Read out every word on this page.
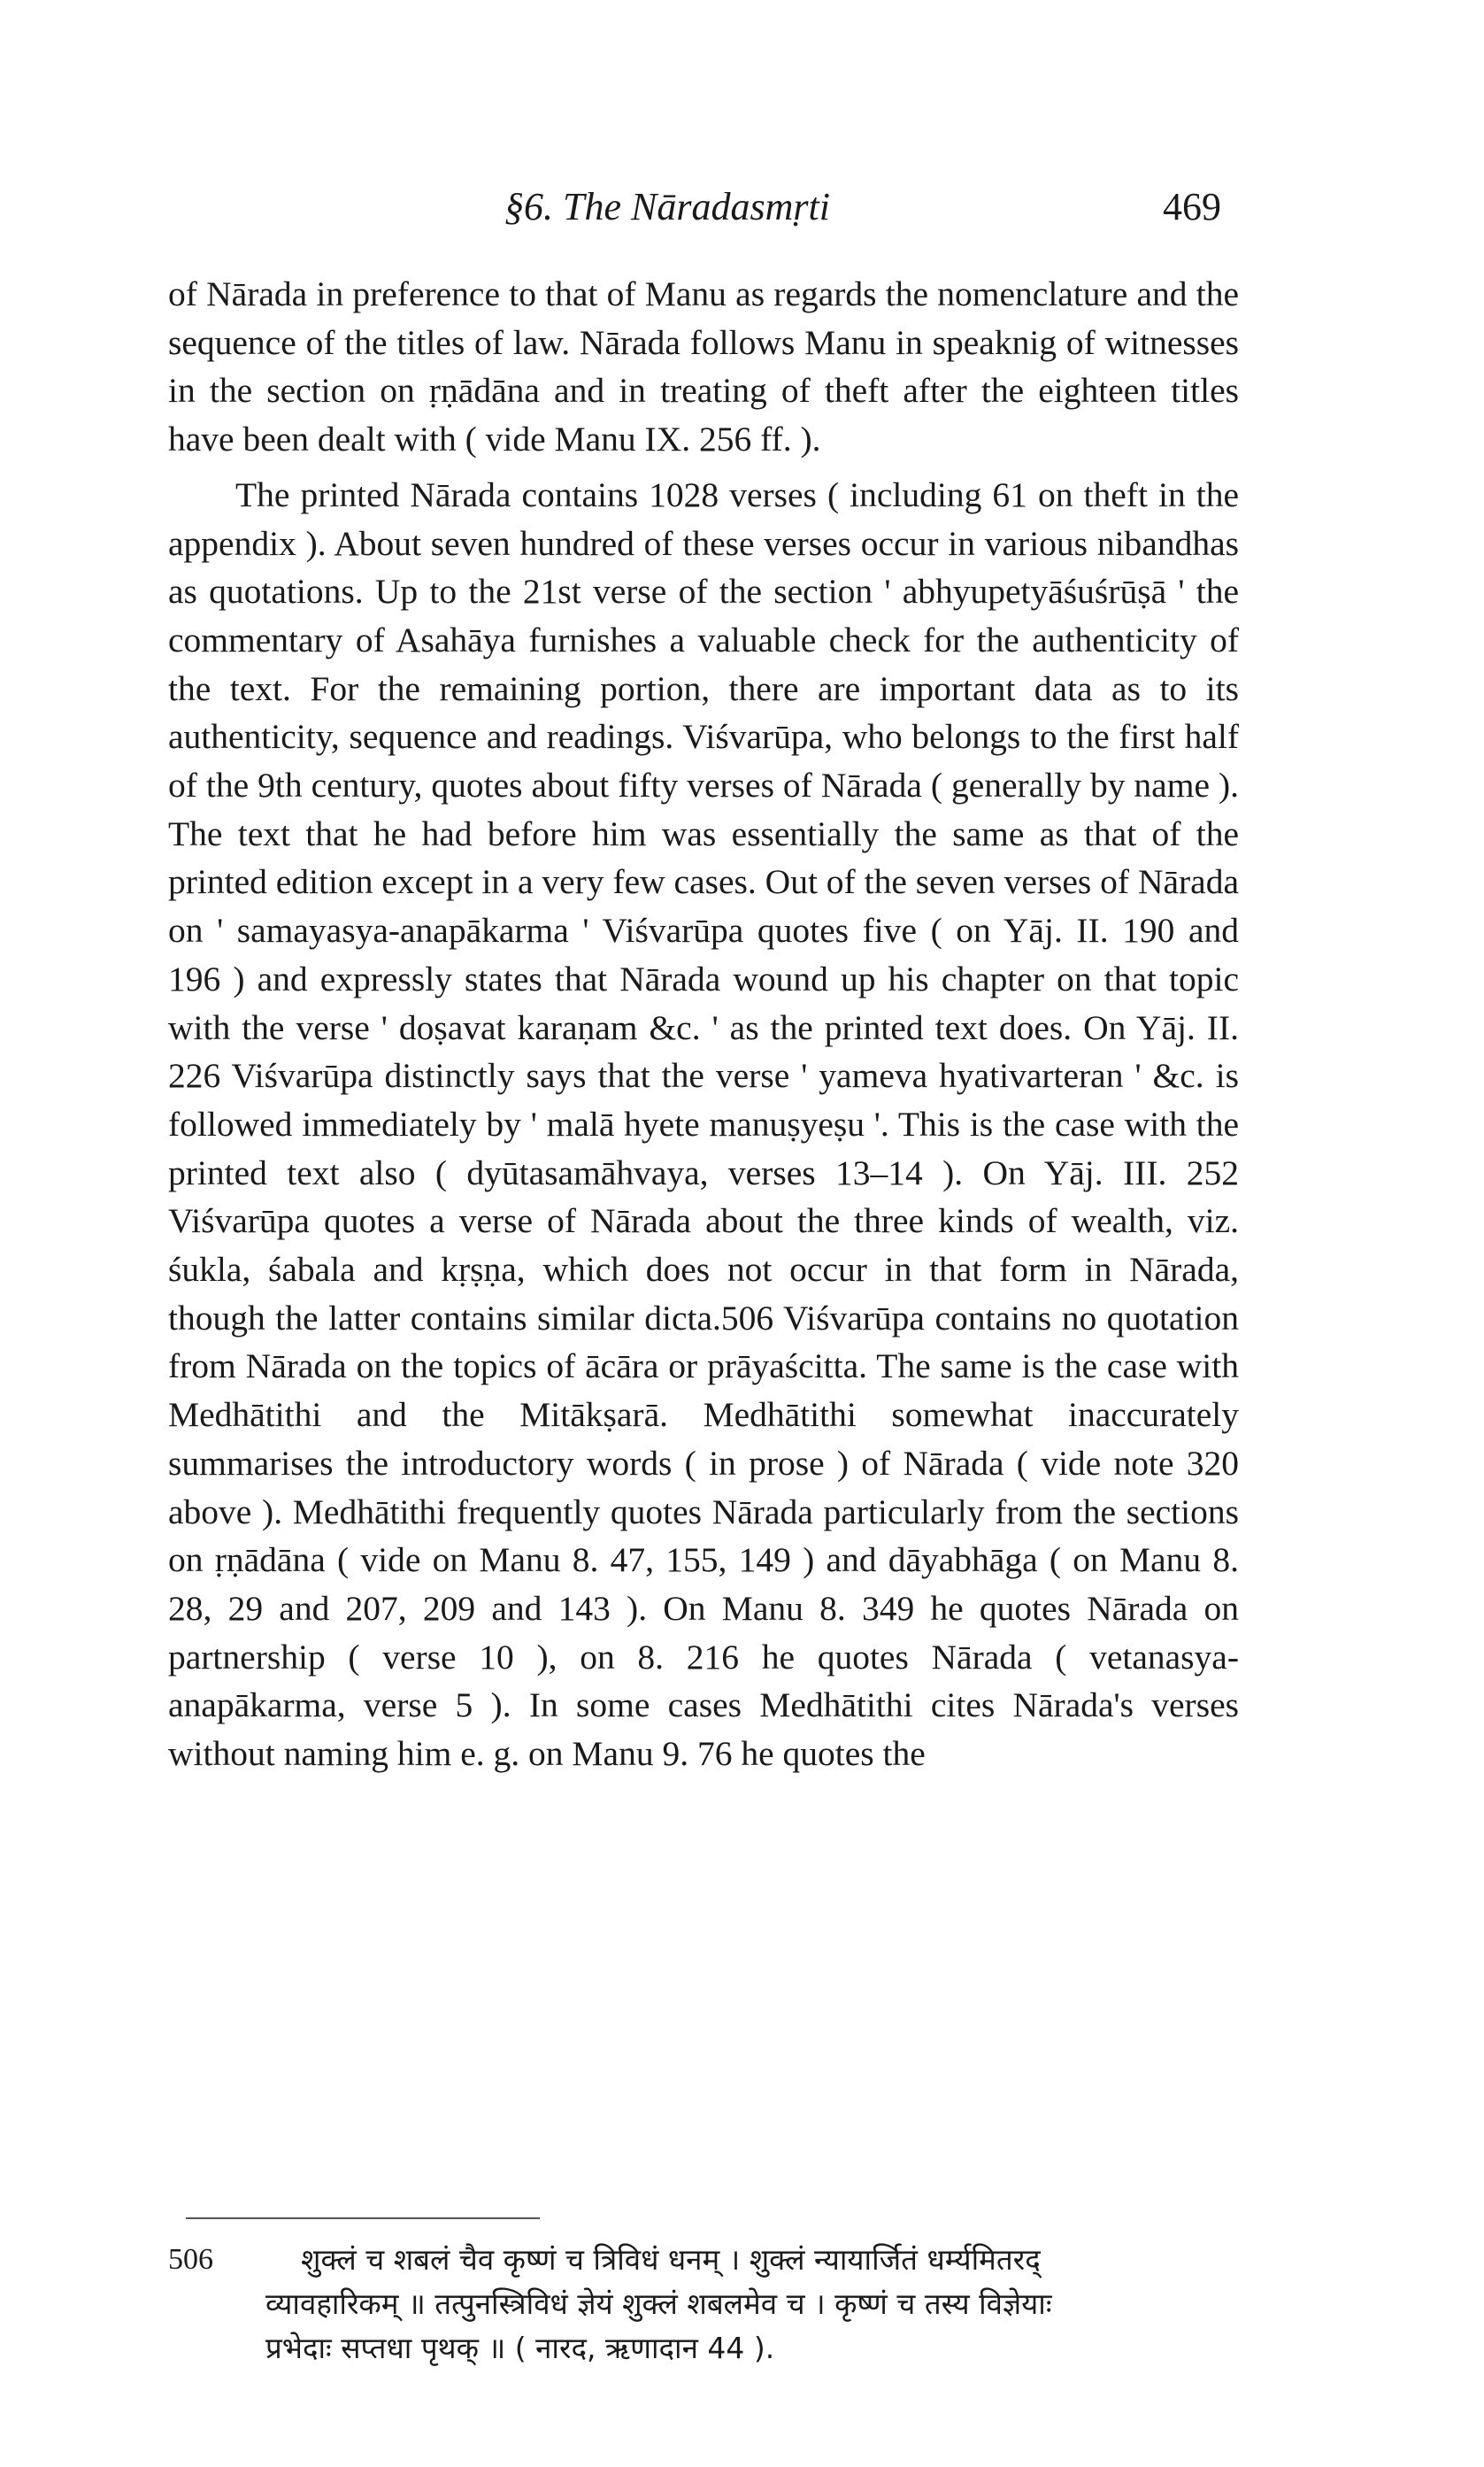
§6. The Nāradasmṛti	469

of Nārada in preference to that of Manu as regards the nomenclature and the sequence of the titles of law. Nārada follows Manu in speaknig of witnesses in the section on ṛṇādāna and in treating of theft after the eighteen titles have been dealt with ( vide Manu IX. 256 ff. ).

The printed Nārada contains 1028 verses ( including 61 on theft in the appendix ). About seven hundred of these verses occur in various nibandhas as quotations. Up to the 21st verse of the section ' abhyupetyāśuśrūṣā ' the commentary of Asahāya furnishes a valuable check for the authenticity of the text. For the remaining portion, there are important data as to its authenticity, sequence and readings. Viśvarūpa, who belongs to the first half of the 9th century, quotes about fifty verses of Nārada ( generally by name ). The text that he had before him was essentially the same as that of the printed edition except in a very few cases. Out of the seven verses of Nārada on ' samayasya-anapākarma ' Viśvarūpa quotes five ( on Yāj. II. 190 and 196 ) and expressly states that Nārada wound up his chapter on that topic with the verse ' doṣavat karaṇam &c. ' as the printed text does. On Yāj. II. 226 Viśvarūpa distinctly says that the verse ' yameva hyativarteran ' &c. is followed immediately by ' malā hyete manuṣyeṣu '. This is the case with the printed text also ( dyūtasamāhvaya, verses 13–14 ). On Yāj. III. 252 Viśvarūpa quotes a verse of Nārada about the three kinds of wealth, viz. śukla, śabala and kṛṣṇa, which does not occur in that form in Nārada, though the latter contains similar dicta.506 Viśvarūpa contains no quotation from Nārada on the topics of ācāra or prāyaścitta. The same is the case with Medhātithi and the Mitākṣarā. Medhātithi somewhat inaccurately summarises the introductory words ( in prose ) of Nārada ( vide note 320 above ). Medhātithi frequently quotes Nārada particularly from the sections on ṛṇādāna ( vide on Manu 8. 47, 155, 149 ) and dāyabhāga ( on Manu 8. 28, 29 and 207, 209 and 143 ). On Manu 8. 349 he quotes Nārada on partnership ( verse 10 ), on 8. 216 he quotes Nārada ( vetanasya-anapākarma, verse 5 ). In some cases Medhātithi cites Nārada's verses without naming him e. g. on Manu 9. 76 he quotes the

506	शुक्लं च शबलं चैव कृष्णं च त्रिविधं धनम् । शुक्लं न्यायार्जितं धर्म्यमितरद्
व्यावहारिकम् ॥ तत्पुनस्त्रिविधं ज्ञेयं शुक्लं शबलमेव च । कृष्णं च तस्य विज्ञेयाः
प्रभेदाः सप्तधा पृथक् ॥ ( नारद, ऋणादान 44 ).
